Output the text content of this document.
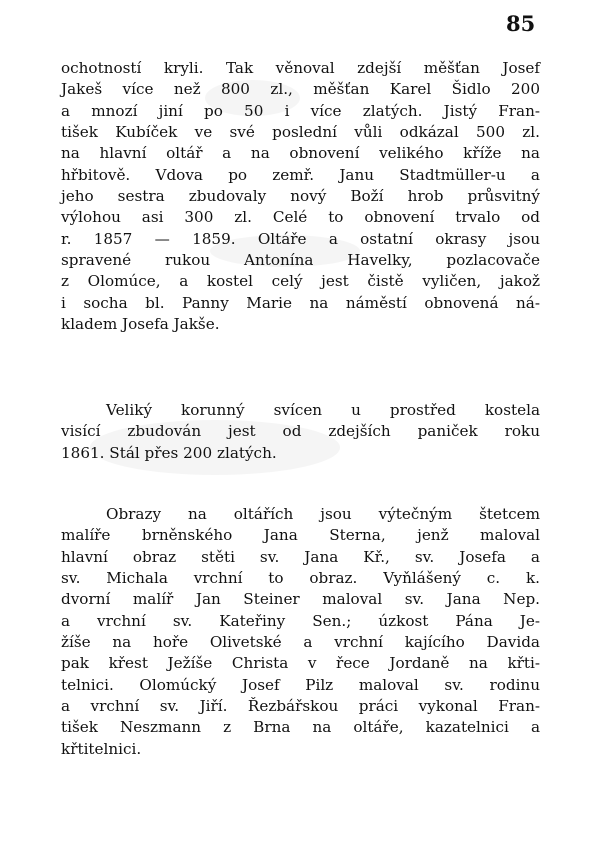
85
ochotností kryli. Tak věnoval zdejší měšťan Josef
Jakeš více než 800 zl., měšťan Karel Šidlo 200
a mnozí jiní po 50 i více zlatých. Jistý Fran-
tišek Kubíček ve své poslední vůli odkázal 500 zl.
na hlavní oltář a na obnovení velikého kříže na
hřbitově. Vdova po zemř. Janu Stadtmüller-u a
jeho sestra zbudovaly nový Boží hrob průsvitný
výlohou asi 300 zl. Celé to obnovení trvalo od
r. 1857 — 1859. Oltáře a ostatní okrasy jsou
spravené rukou Antonína Havelky, pozlacovače
z Olomúce, a kostel celý jest čistě vyličen, jakož
i socha bl. Panny Marie na náměstí obnovená ná-
kladem Josefa Jakše.
Veliký korunný svícen u prostřed kostela
visící zbudován jest od zdejších paniček roku
1861. Stál přes 200 zlatých.
Obrazy na oltářích jsou výtečným štetcem
malíře brněnského Jana Sterna, jenž maloval
hlavní obraz stěti sv. Jana Kř., sv. Josefa a
sv. Michala vrchní to obraz. Vyňlášený c. k.
dvorní malíř Jan Steiner maloval sv. Jana Nep.
a vrchní sv. Kateřiny Sen.; úzkost Pána Je-
žíše na hoře Olivetské a vrchní kajícího Davida
pak křest Ježíše Christa v řece Jordaně na křti-
telnici. Olomúcký Josef Pilz maloval sv. rodinu
a vrchní sv. Jiří. Řezbářskou práci vykonal Fran-
tišek Neszmann z Brna na oltáře, kazatelnici a
křtitelnici.
